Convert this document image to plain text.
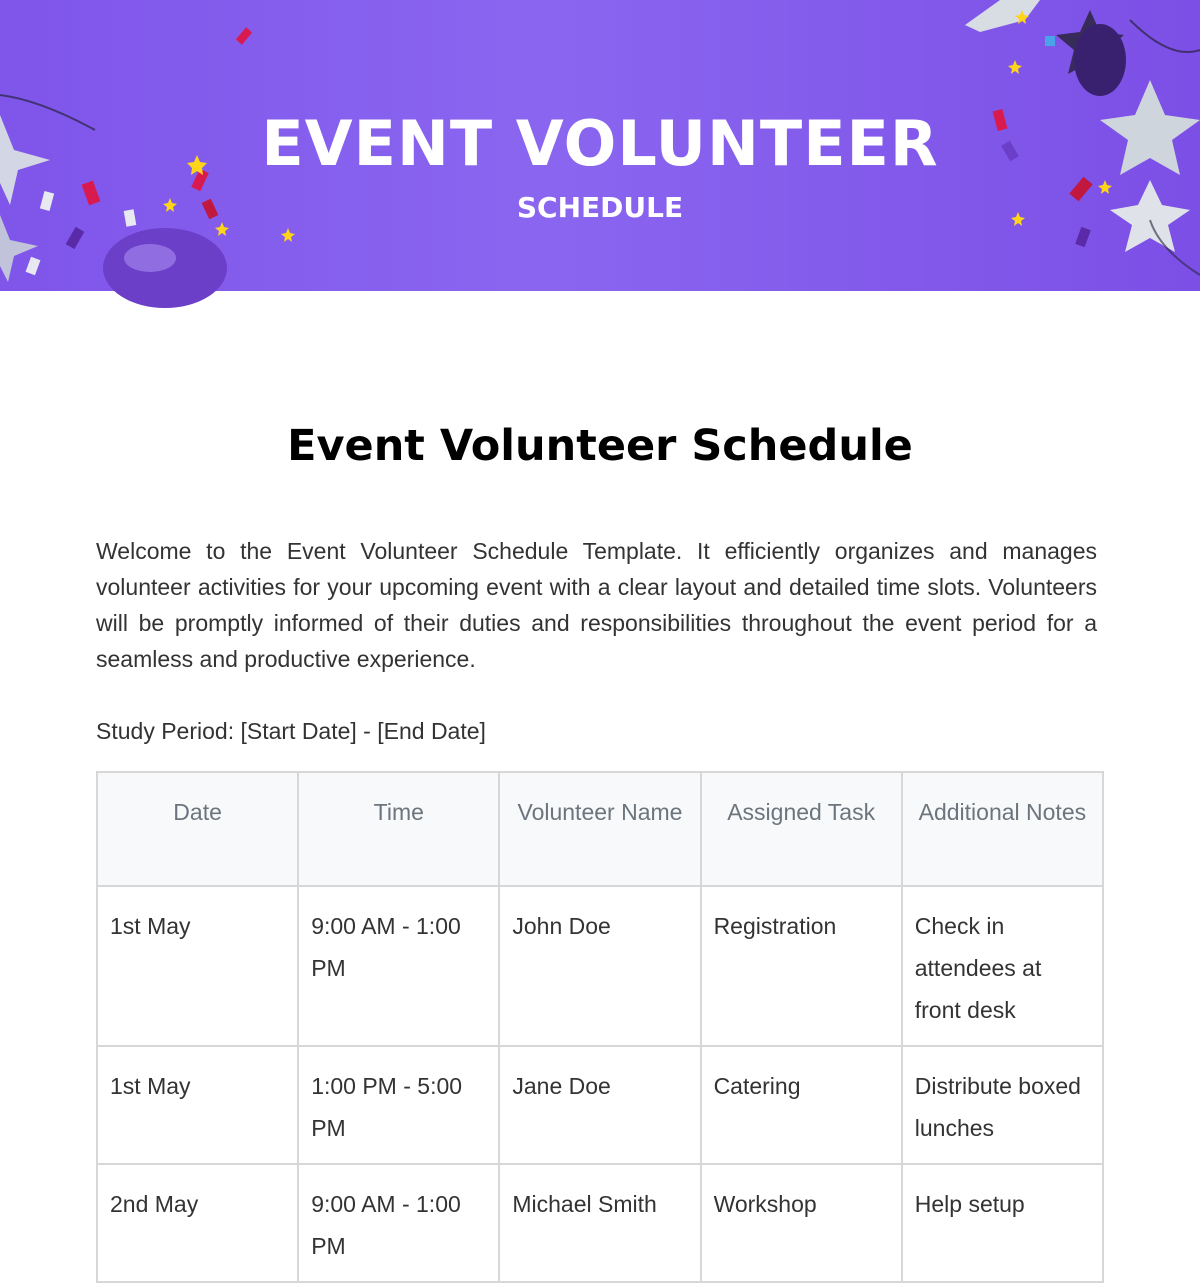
EVENT VOLUNTEER
SCHEDULE
Event Volunteer Schedule

Welcome to the Event Volunteer Schedule Template. It efficiently organizes and manages volunteer activities for your upcoming event with a clear layout and detailed time slots. Volunteers will be promptly informed of their duties and responsibilities throughout the event period for a seamless and productive experience.

Study Period: [Start Date] - [End Date]
Date	Time	Volunteer Name	Assigned Task	Additional Notes
1st May	9:00 AM - 1:00 PM	John Doe	Registration	Check in attendees at front desk
1st May	1:00 PM - 5:00 PM	Jane Doe	Catering	Distribute boxed lunches
2nd May	9:00 AM - 1:00 PM	Michael Smith	Workshop	Help setup
